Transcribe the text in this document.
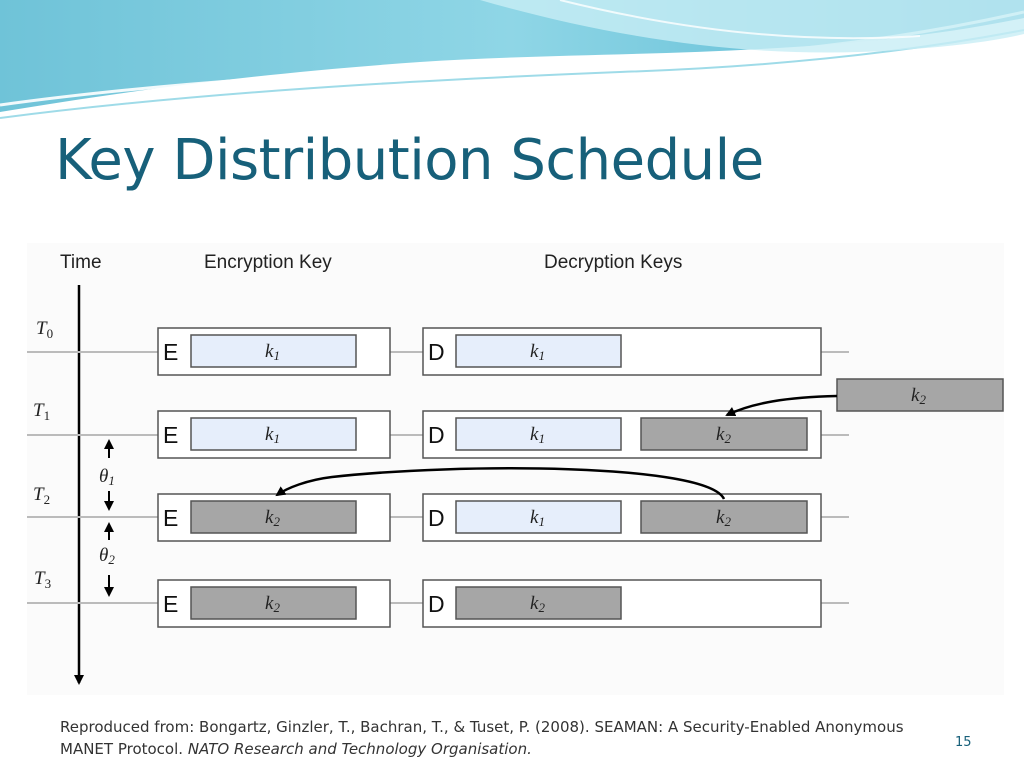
Key Distribution Schedule
Time	Encryption Key	Decryption Keys
$T_0$
E	k1	D	k1
$T_1$
E	k1	D	k1	k2
$T_2$
E	k2	D	k1	k2
$T_3$
E	k2	D	k2
k2
θ1
θ2
Reproduced from: Bongartz, Ginzler, T., Bachran, T., & Tuset, P. (2008). SEAMAN: A Security-Enabled Anonymous MANET Protocol. NATO Research and Technology Organisation.	15
